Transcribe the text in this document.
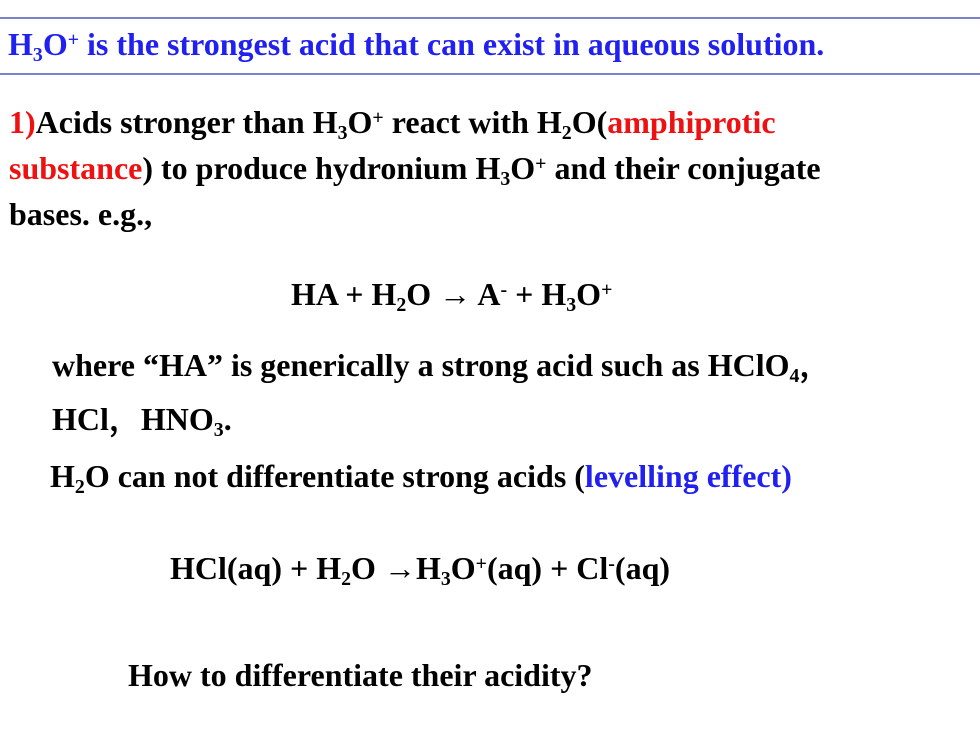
$H_3O^+$ is the strongest acid that can exist in aqueous solution.
1)Acids stronger than $H_3O^+$ react with $H_2O(amphiprotic$
substance) to produce hydronium $H_3O^+$ and their conjugate
bases. e.g.,
HA + $H_2O \to A^- + H_3O^+$
where “HA” is generically a strong acid such as HClO$_4$，
HCl，$HNO_3$.
$H_2O$ can not differentiate strong acids (levelling effect)
$HCl(aq) + H_2O \to H_3O^+(aq) + Cl^-(aq)$
How to differentiate their acidity?
